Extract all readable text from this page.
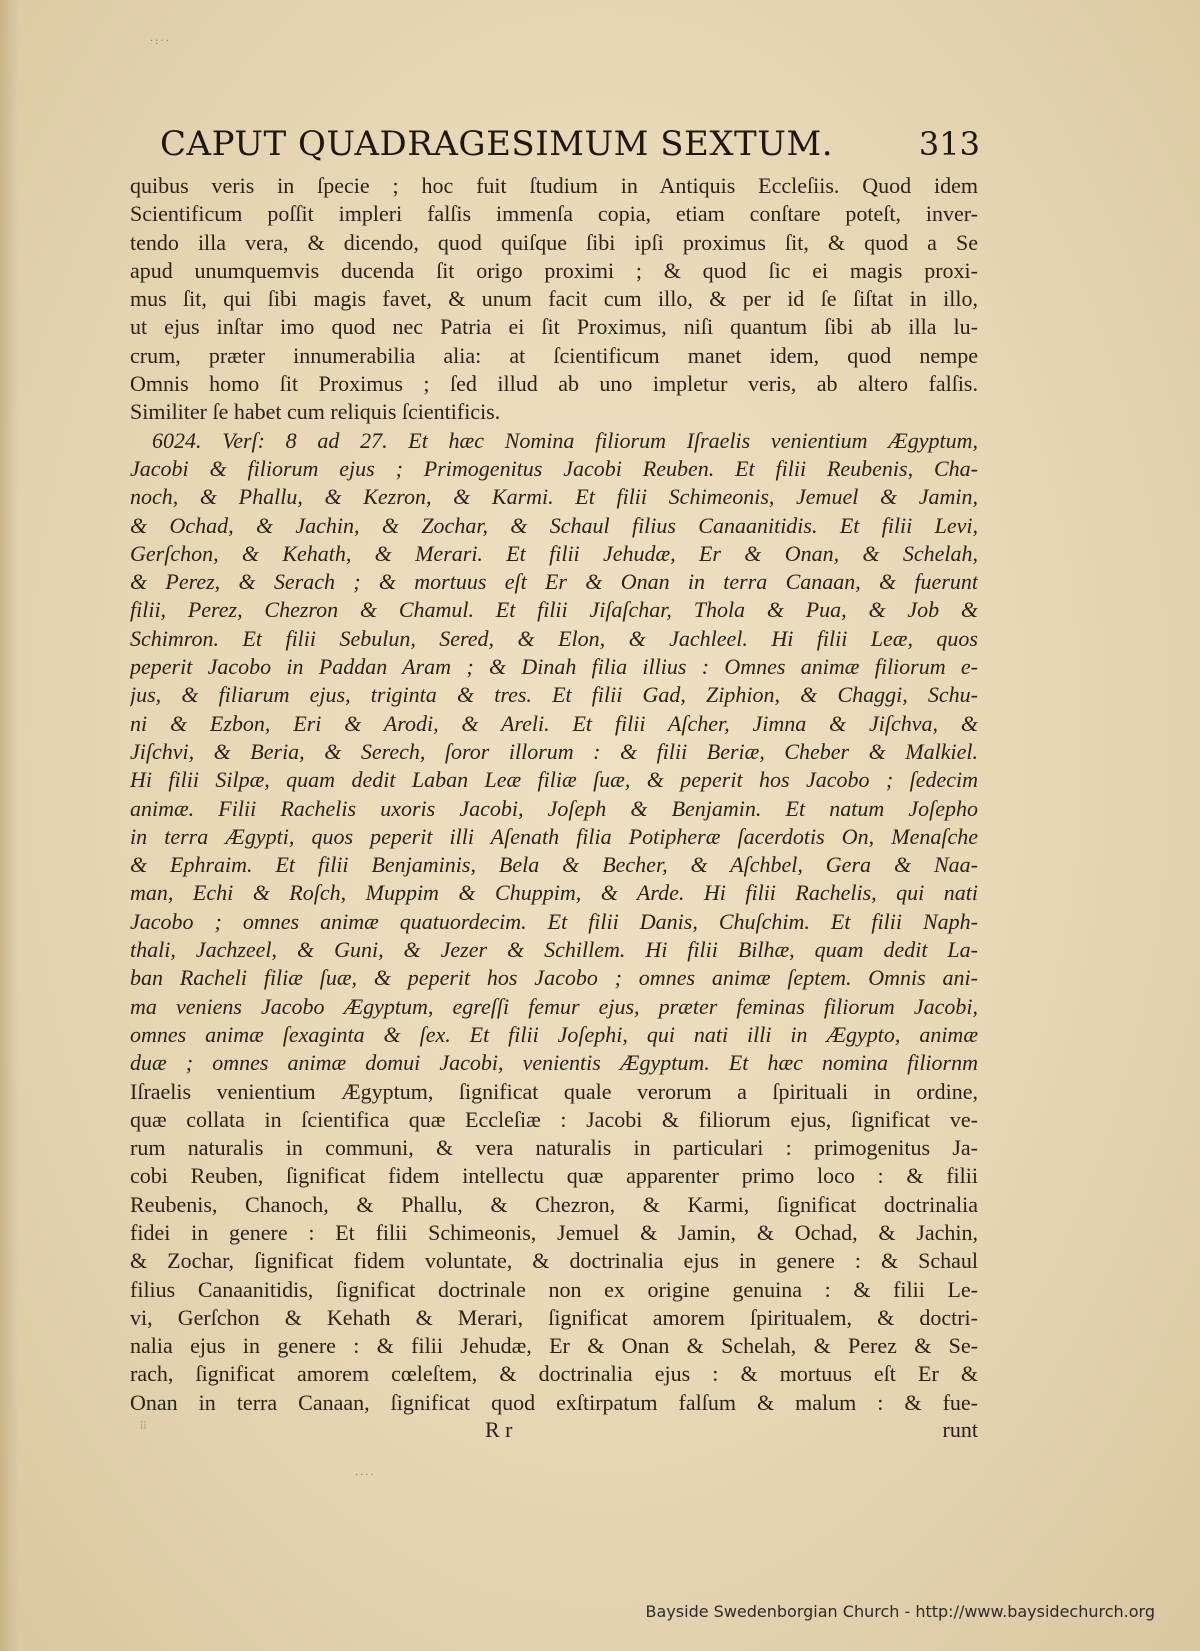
·:··
CAPUT QUADRAGESIMUM SEXTUM.	313
quibus veris in ſpecie ; hoc fuit ſtudium in Antiquis Eccleſiis. Quod idem
Scientificum poſſit impleri falſis immenſa copia, etiam conſtare poteſt, inver-
tendo illa vera, & dicendo, quod quiſque ſibi ipſi proximus ſit, & quod a Se
apud unumquemvis ducenda ſit origo proximi ; & quod ſic ei magis proxi-
mus ſit, qui ſibi magis favet, & unum facit cum illo, & per id ſe ſiſtat in illo,
ut ejus inſtar imo quod nec Patria ei ſit Proximus, niſi quantum ſibi ab illa lu-
crum, præter innumerabilia alia: at ſcientificum manet idem, quod nempe
Omnis homo ſit Proximus ; ſed illud ab uno impletur veris, ab altero falſis.
Similiter ſe habet cum reliquis ſcientificis.
6024. Verſ: 8 ad 27. Et hæc Nomina filiorum Iſraelis venientium Ægyptum,
Jacobi & filiorum ejus ; Primogenitus Jacobi Reuben. Et filii Reubenis, Cha-
noch, & Phallu, & Kezron, & Karmi. Et filii Schimeonis, Jemuel & Jamin,
& Ochad, & Jachin, & Zochar, & Schaul filius Canaanitidis. Et filii Levi,
Gerſchon, & Kehath, & Merari. Et filii Jehudæ, Er & Onan, & Schelah,
& Perez, & Serach ; & mortuus eſt Er & Onan in terra Canaan, & fuerunt
filii, Perez, Chezron & Chamul. Et filii Jiſaſchar, Thola & Pua, & Job &
Schimron. Et filii Sebulun, Sered, & Elon, & Jachleel. Hi filii Leæ, quos
peperit Jacobo in Paddan Aram ; & Dinah filia illius : Omnes animæ filiorum e-
jus, & filiarum ejus, triginta & tres. Et filii Gad, Ziphion, & Chaggi, Schu-
ni & Ezbon, Eri & Arodi, & Areli. Et filii Aſcher, Jimna & Jiſchva, &
Jiſchvi, & Beria, & Serech, ſoror illorum : & filii Beriæ, Cheber & Malkiel.
Hi filii Silpæ, quam dedit Laban Leæ filiæ ſuæ, & peperit hos Jacobo ; ſedecim
animæ. Filii Rachelis uxoris Jacobi, Joſeph & Benjamin. Et natum Joſepho
in terra Ægypti, quos peperit illi Aſenath filia Potipheræ ſacerdotis On, Menaſche
& Ephraim. Et filii Benjaminis, Bela & Becher, & Aſchbel, Gera & Naa-
man, Echi & Roſch, Muppim & Chuppim, & Arde. Hi filii Rachelis, qui nati
Jacobo ; omnes animæ quatuordecim. Et filii Danis, Chuſchim. Et filii Naph-
thali, Jachzeel, & Guni, & Jezer & Schillem. Hi filii Bilhæ, quam dedit La-
ban Racheli filiæ ſuæ, & peperit hos Jacobo ; omnes animæ ſeptem. Omnis ani-
ma veniens Jacobo Ægyptum, egreſſi femur ejus, præter feminas filiorum Jacobi,
omnes animæ ſexaginta & ſex. Et filii Joſephi, qui nati illi in Ægypto, animæ
duæ ; omnes animæ domui Jacobi, venientis Ægyptum. Et hæc nomina filiornm
Iſraelis venientium Ægyptum, ſignificat quale verorum a ſpirituali in ordine,
quæ collata in ſcientifica quæ Eccleſiæ : Jacobi & filiorum ejus, ſignificat ve-
rum naturalis in communi, & vera naturalis in particulari : primogenitus Ja-
cobi Reuben, ſignificat fidem intellectu quæ apparenter primo loco : & filii
Reubenis, Chanoch, & Phallu, & Chezron, & Karmi, ſignificat doctrinalia
fidei in genere : Et filii Schimeonis, Jemuel & Jamin, & Ochad, & Jachin,
& Zochar, ſignificat fidem voluntate, & doctrinalia ejus in genere : & Schaul
filius Canaanitidis, ſignificat doctrinale non ex origine genuina : & filii Le-
vi, Gerſchon & Kehath & Merari, ſignificat amorem ſpiritualem, & doctri-
nalia ejus in genere : & filii Jehudæ, Er & Onan & Schelah, & Perez & Se-
rach, ſignificat amorem cœleſtem, & doctrinalia ejus : & mortuus eſt Er &
Onan in terra Canaan, ſignificat quod exſtirpatum falſum & malum : & fue-
R r	runt
⁞⁞
····
Bayside Swedenborgian Church - http://www.baysidechurch.org
